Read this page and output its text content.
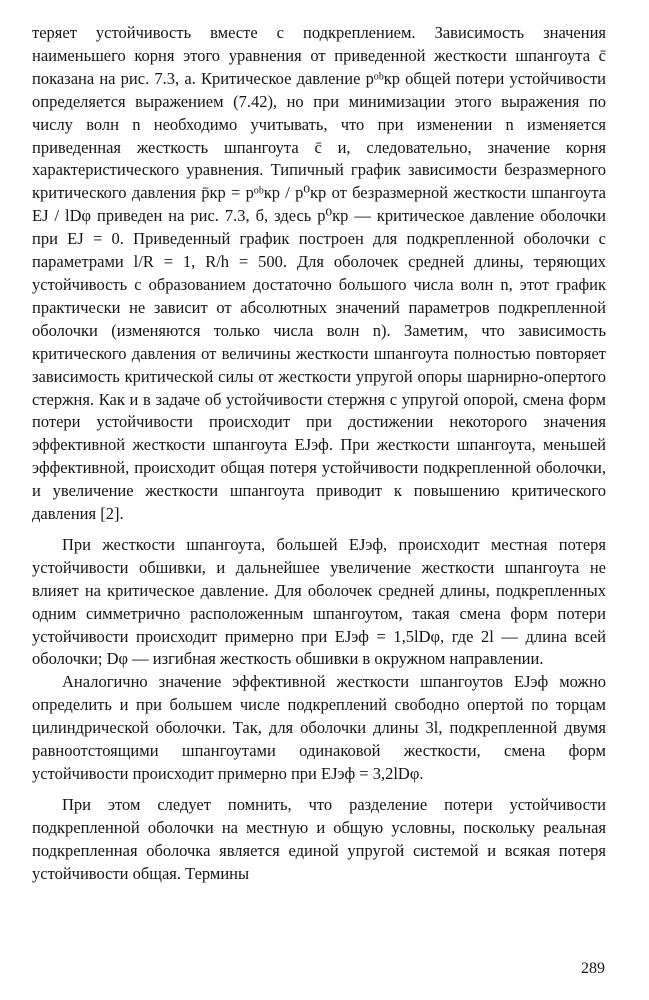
теряет устойчивость вместе с подкреплением. Зависимость значения наименьшего корня этого уравнения от приведенной жесткости шпангоута c̄ показана на рис. 7.3, а. Критическое давление pᵒᵇкр общей потери устойчивости определяется выражением (7.42), но при минимизации этого выражения по числу волн n необходимо учитывать, что при изменении n изменяется приведенная жесткость шпангоута c̄ и, следовательно, значение корня характеристического уравнения. Типичный график зависимости безразмерного критического давления p̄кр = pᵒᵇкр / p⁰кр от безразмерной жесткости шпангоута EJ / lDφ приведен на рис. 7.3, б, здесь p⁰кр — критическое давление оболочки при EJ = 0. Приведенный график построен для подкрепленной оболочки с параметрами l/R = 1, R/h = 500. Для оболочек средней длины, теряющих устойчивость с образованием достаточно большого числа волн n, этот график практически не зависит от абсолютных значений параметров подкрепленной оболочки (изменяются только числа волн n). Заметим, что зависимость критического давления от величины жесткости шпангоута полностью повторяет зависимость критической силы от жесткости упругой опоры шарнирно-опертого стержня. Как и в задаче об устойчивости стержня с упругой опорой, смена форм потери устойчивости происходит при достижении некоторого значения эффективной жесткости шпангоута EJэф. При жесткости шпангоута, меньшей эффективной, происходит общая потеря устойчивости подкрепленной оболочки, и увеличение жесткости шпангоута приводит к повышению критического давления [2].

При жесткости шпангоута, большей EJэф, происходит местная потеря устойчивости обшивки, и дальнейшее увеличение жесткости шпангоута не влияет на критическое давление. Для оболочек средней длины, подкрепленных одним симметрично расположенным шпангоутом, такая смена форм потери устойчивости происходит примерно при EJэф = 1,5lDφ, где 2l — длина всей оболочки; Dφ — изгибная жесткость обшивки в окружном направлении.

Аналогично значение эффективной жесткости шпангоутов EJэф можно определить и при большем числе подкреплений свободно опертой по торцам цилиндрической оболочки. Так, для оболочки длины 3l, подкрепленной двумя равноотстоящими шпангоутами одинаковой жесткости, смена форм устойчивости происходит примерно при EJэф = 3,2lDφ.

При этом следует помнить, что разделение потери устойчивости подкрепленной оболочки на местную и общую условны, поскольку реальная подкрепленная оболочка является единой упругой системой и всякая потеря устойчивости общая. Термины

289
